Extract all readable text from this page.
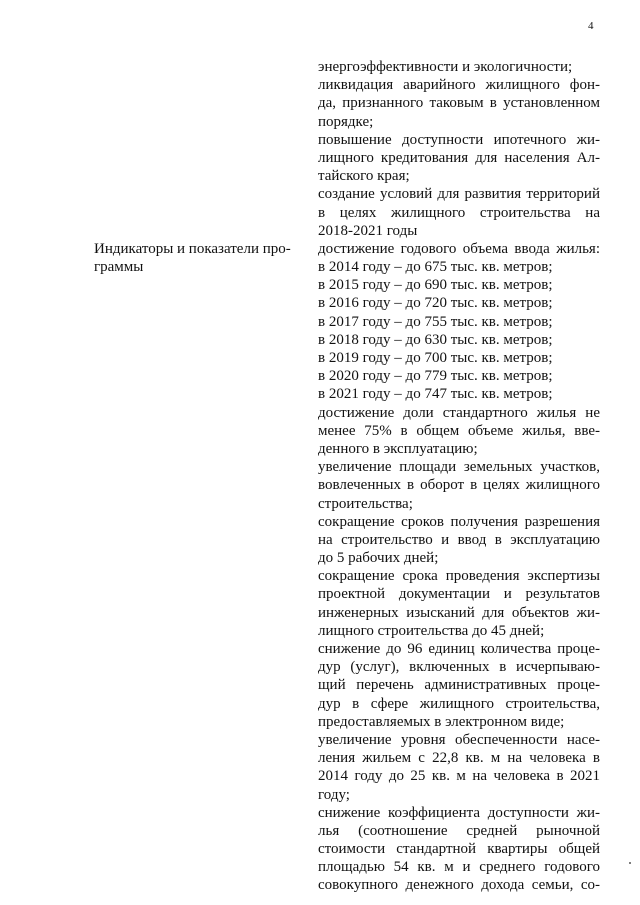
4
Индикаторы и показатели про-
граммы
энергоэффективности и экологичности;
ликвидация аварийного жилищного фон-
да, признанного таковым в установленном
порядке;
повышение доступности ипотечного жи-
лищного кредитования для населения Ал-
тайского края;
создание условий для развития территорий
в целях жилищного строительства на
2018-2021 годы
достижение годового объема ввода жилья:
в 2014 году – до 675 тыс. кв. метров;
в 2015 году – до 690 тыс. кв. метров;
в 2016 году – до 720 тыс. кв. метров;
в 2017 году – до 755 тыс. кв. метров;
в 2018 году – до 630 тыс. кв. метров;
в 2019 году – до 700 тыс. кв. метров;
в 2020 году – до 779 тыс. кв. метров;
в 2021 году – до 747 тыс. кв. метров;
достижение доли стандартного жилья не
менее 75% в общем объеме жилья, вве-
денного в эксплуатацию;
увеличение площади земельных участков,
вовлеченных в оборот в целях жилищного
строительства;
сокращение сроков получения разрешения
на строительство и ввод в эксплуатацию
до 5 рабочих дней;
сокращение срока проведения экспертизы
проектной документации и результатов
инженерных изысканий для объектов жи-
лищного строительства до 45 дней;
снижение до 96 единиц количества проце-
дур (услуг), включенных в исчерпываю-
щий перечень административных проце-
дур в сфере жилищного строительства,
предоставляемых в электронном виде;
увеличение уровня обеспеченности насе-
ления жильем с 22,8 кв. м на человека в
2014 году до 25 кв. м на человека в 2021
году;
снижение коэффициента доступности жи-
лья (соотношение средней рыночной
стоимости стандартной квартиры общей
площадью 54 кв. м и среднего годового
совокупного денежного дохода семьи, со-
